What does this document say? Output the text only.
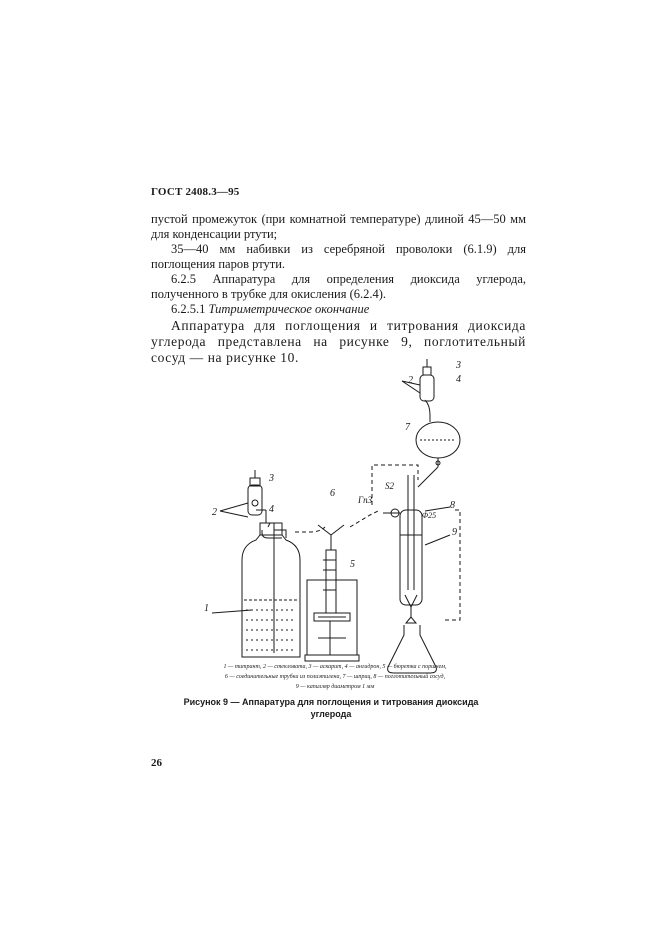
ГОСТ 2408.3—95
пустой промежуток (при комнатной температуре) длиной 45—50 мм для конденсации ртути;
35—40 мм набивки из серебряной проволоки (6.1.9) для поглощения паров ртути.
6.2.5 Аппаратура для определения диоксида углерода, полученного в трубке для окисления (6.2.4).
6.2.5.1 Титриметрическое окончание
Аппаратура для поглощения и титрования диоксида углерода представлена на рисунке 9, поглотительный сосуд — на рисунке 10.
1
2
3
4
5
6
2
3
4
7
8
9
Гп3
S2
Φ25
1 — титрант, 2 — стекловата, 3 — аскарит, 4 — ангидрон, 5 — бюретка с поршнем,
6 — соединительные трубки из полиэтилена, 7 — шприц, 8 — поглотительный сосуд,
9 — капилляр диаметром 1 мм
Рисунок 9 — Аппаратура для поглощения и титрования диоксида
углерода
26
